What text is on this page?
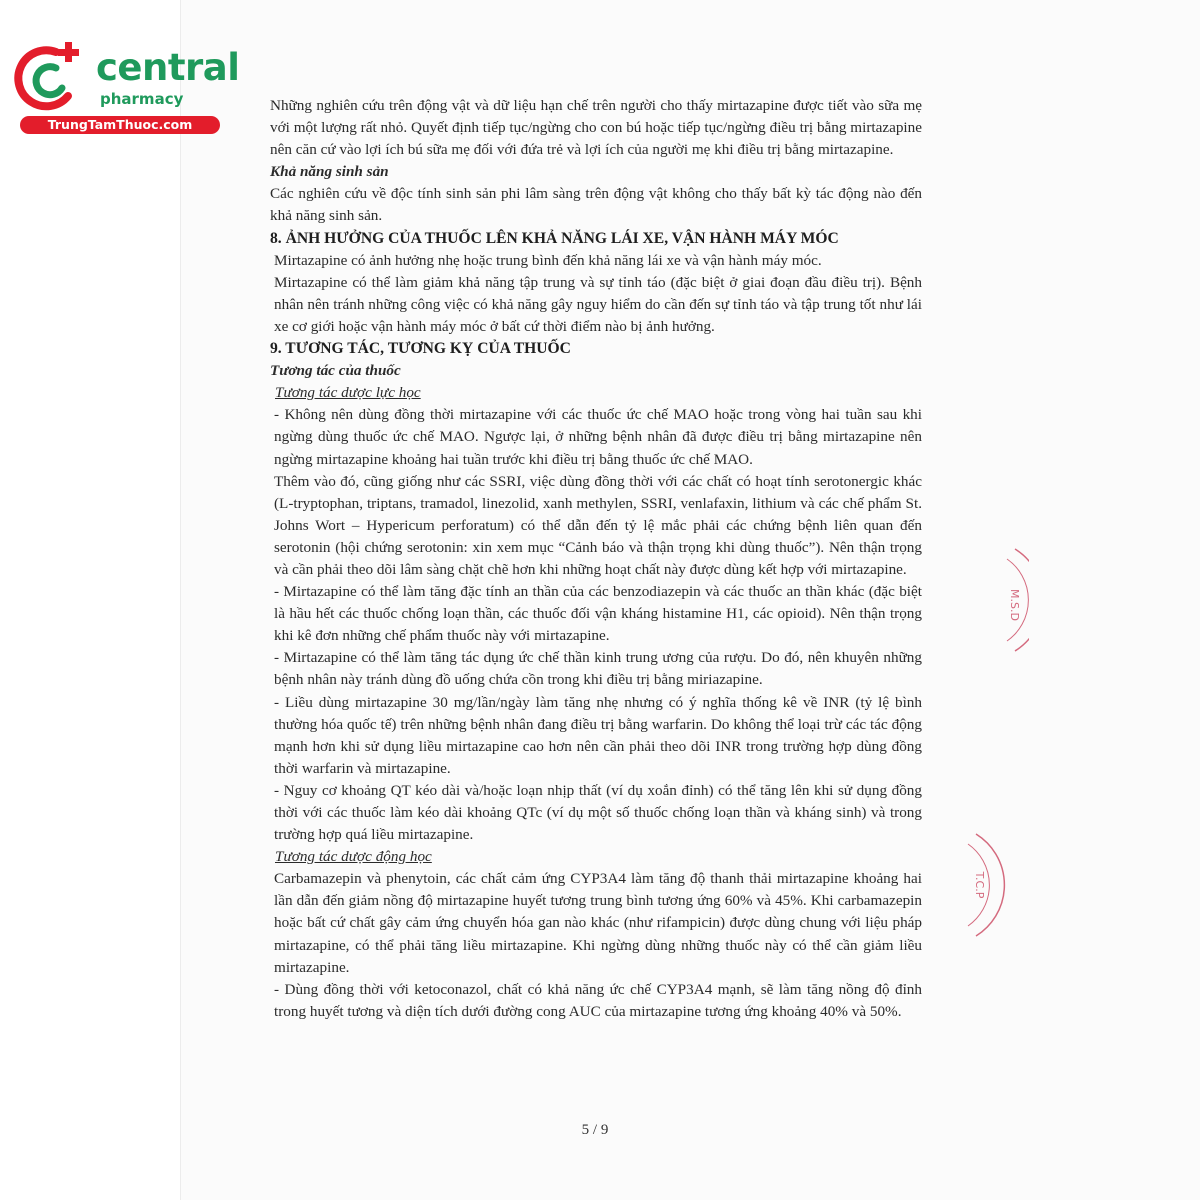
central
pharmacy
TrungTamThuoc.com

Những nghiên cứu trên động vật và dữ liệu hạn chế trên người cho thấy mirtazapine được tiết vào sữa mẹ với một lượng rất nhỏ. Quyết định tiếp tục/ngừng cho con bú hoặc tiếp tục/ngừng điều trị bằng mirtazapine nên căn cứ vào lợi ích bú sữa mẹ đối với đứa trẻ và lợi ích của người mẹ khi điều trị bằng mirtazapine.

Khả năng sinh sản

Các nghiên cứu về độc tính sinh sản phi lâm sàng trên động vật không cho thấy bất kỳ tác động nào đến khả năng sinh sản.

8. ẢNH HƯỞNG CỦA THUỐC LÊN KHẢ NĂNG LÁI XE, VẬN HÀNH MÁY MÓC

Mirtazapine có ảnh hưởng nhẹ hoặc trung bình đến khả năng lái xe và vận hành máy móc.

Mirtazapine có thể làm giảm khả năng tập trung và sự tỉnh táo (đặc biệt ở giai đoạn đầu điều trị). Bệnh nhân nên tránh những công việc có khả năng gây nguy hiểm do cần đến sự tỉnh táo và tập trung tốt như lái xe cơ giới hoặc vận hành máy móc ở bất cứ thời điểm nào bị ảnh hưởng.

9. TƯƠNG TÁC, TƯƠNG KỴ CỦA THUỐC

Tương tác của thuốc

Tương tác dược lực học

- Không nên dùng đồng thời mirtazapine với các thuốc ức chế MAO hoặc trong vòng hai tuần sau khi ngừng dùng thuốc ức chế MAO. Ngược lại, ở những bệnh nhân đã được điều trị bằng mirtazapine nên ngừng mirtazapine khoảng hai tuần trước khi điều trị bằng thuốc ức chế MAO.

Thêm vào đó, cũng giống như các SSRI, việc dùng đồng thời với các chất có hoạt tính serotonergic khác (L-tryptophan, triptans, tramadol, linezolid, xanh methylen, SSRI, venlafaxin, lithium và các chế phẩm St. Johns Wort – Hypericum perforatum) có thể dẫn đến tỷ lệ mắc phải các chứng bệnh liên quan đến serotonin (hội chứng serotonin: xin xem mục “Cảnh báo và thận trọng khi dùng thuốc”). Nên thận trọng và cần phải theo dõi lâm sàng chặt chẽ hơn khi những hoạt chất này được dùng kết hợp với mirtazapine.

- Mirtazapine có thể làm tăng đặc tính an thần của các benzodiazepin và các thuốc an thần khác (đặc biệt là hầu hết các thuốc chống loạn thần, các thuốc đối vận kháng histamine H1, các opioid). Nên thận trọng khi kê đơn những chế phẩm thuốc này với mirtazapine.

- Mirtazapine có thể làm tăng tác dụng ức chế thần kinh trung ương của rượu. Do đó, nên khuyên những bệnh nhân này tránh dùng đồ uống chứa cồn trong khi điều trị bằng miriazapine.

- Liều dùng mirtazapine 30 mg/lần/ngày làm tăng nhẹ nhưng có ý nghĩa thống kê về INR (tỷ lệ bình thường hóa quốc tế) trên những bệnh nhân đang điều trị bằng warfarin. Do không thể loại trừ các tác động mạnh hơn khi sử dụng liều mirtazapine cao hơn nên cần phải theo dõi INR trong trường hợp dùng đồng thời warfarin và mirtazapine.

- Nguy cơ khoảng QT kéo dài và/hoặc loạn nhịp thất (ví dụ xoắn đỉnh) có thể tăng lên khi sử dụng đồng thời với các thuốc làm kéo dài khoảng QTc (ví dụ một số thuốc chống loạn thần và kháng sinh) và trong trường hợp quá liều mirtazapine.

Tương tác dược động học

Carbamazepin và phenytoin, các chất cảm ứng CYP3A4 làm tăng độ thanh thải mirtazapine khoảng hai lần dẫn đến giảm nồng độ mirtazapine huyết tương trung bình tương ứng 60% và 45%. Khi carbamazepin hoặc bất cứ chất gây cảm ứng chuyển hóa gan nào khác (như rifampicin) được dùng chung với liệu pháp mirtazapine, có thể phải tăng liều mirtazapine. Khi ngừng dùng những thuốc này có thể cần giảm liều mirtazapine.

- Dùng đồng thời với ketoconazol, chất có khả năng ức chế CYP3A4 mạnh, sẽ làm tăng nồng độ đỉnh trong huyết tương và diện tích dưới đường cong AUC của mirtazapine tương ứng khoảng 40% và 50%.

5 / 9
M.S.D
T.C.P
